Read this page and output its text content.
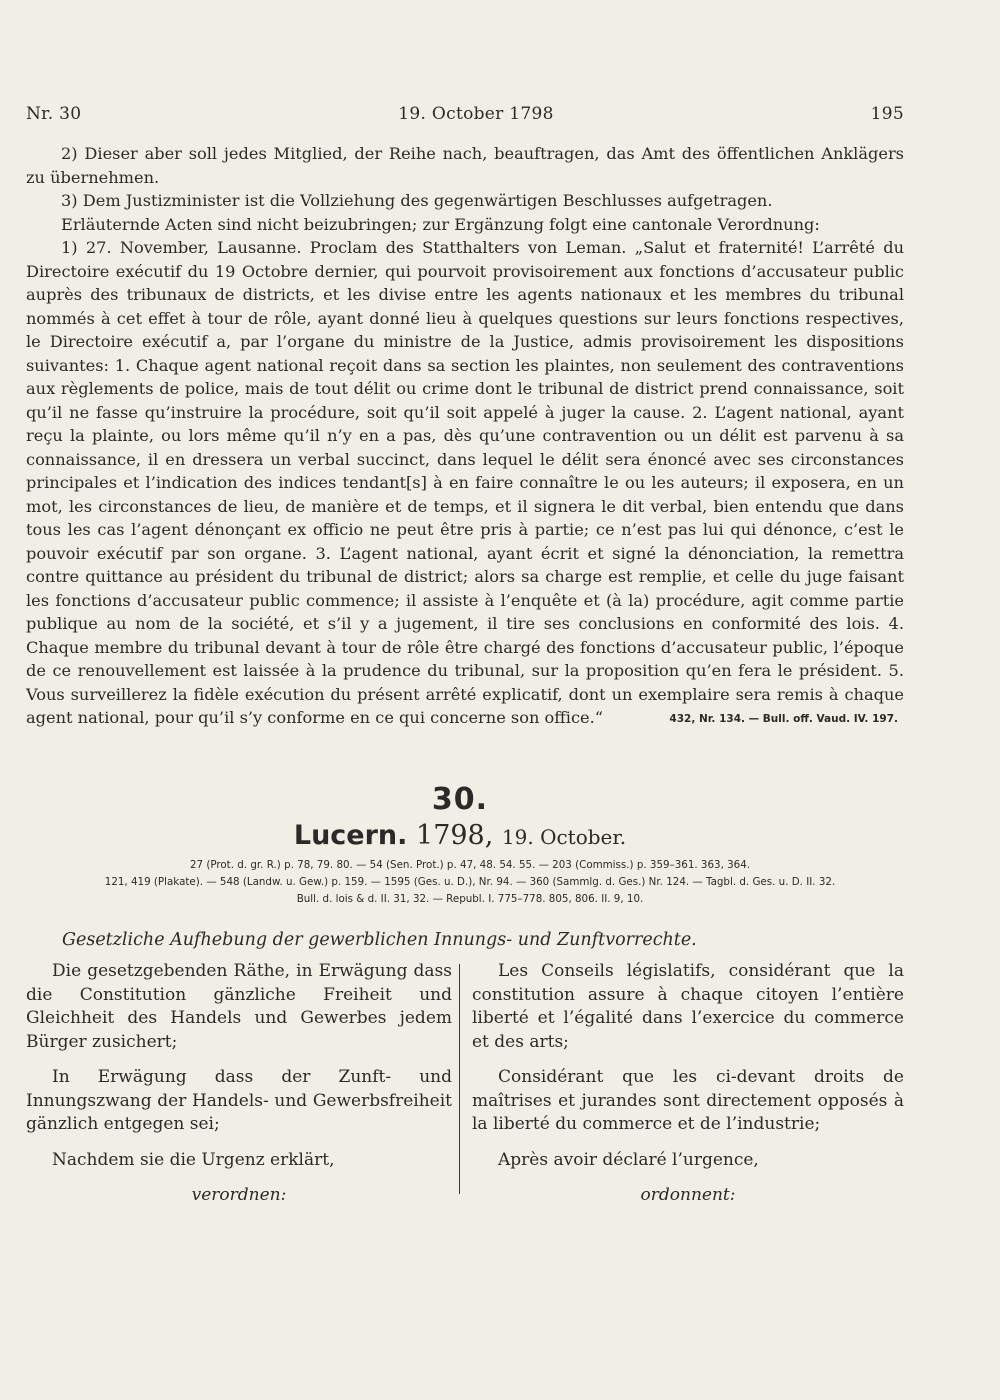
Nr. 30	19. October 1798	195

2) Dieser aber soll jedes Mitglied, der Reihe nach, beauftragen, das Amt des öffentlichen Anklägers zu übernehmen.

3) Dem Justizminister ist die Vollziehung des gegenwärtigen Beschlusses aufgetragen.

Erläuternde Acten sind nicht beizubringen; zur Ergänzung folgt eine cantonale Verordnung:

1) 27. November, Lausanne. Proclam des Statthalters von Leman. „Salut et fraternité! L’arrêté du Directoire exécutif du 19 Octobre dernier, qui pourvoit provisoirement aux fonctions d’accusateur public auprès des tribunaux de districts, et les divise entre les agents nationaux et les membres du tribunal nommés à cet effet à tour de rôle, ayant donné lieu à quelques questions sur leurs fonctions respectives, le Directoire exécutif a, par l’organe du ministre de la Justice, admis provisoirement les dispositions suivantes: 1. Chaque agent national reçoit dans sa section les plaintes, non seulement des contraventions aux règlements de police, mais de tout délit ou crime dont le tribunal de district prend connaissance, soit qu’il ne fasse qu’instruire la procédure, soit qu’il soit appelé à juger la cause. 2. L’agent national, ayant reçu la plainte, ou lors même qu’il n’y en a pas, dès qu’une contravention ou un délit est parvenu à sa connaissance, il en dressera un verbal succinct, dans lequel le délit sera énoncé avec ses circonstances principales et l’indication des indices tendant[s] à en faire connaître le ou les auteurs; il exposera, en un mot, les circonstances de lieu, de manière et de temps, et il signera le dit verbal, bien entendu que dans tous les cas l’agent dénonçant ex officio ne peut être pris à partie; ce n’est pas lui qui dénonce, c’est le pouvoir exécutif par son organe. 3. L’agent national, ayant écrit et signé la dénonciation, la remettra contre quittance au président du tribunal de district; alors sa charge est remplie, et celle du juge faisant les fonctions d’accusateur public commence; il assiste à l’enquête et (à la) procédure, agit comme partie publique au nom de la société, et s’il y a jugement, il tire ses conclusions en conformité des lois. 4. Chaque membre du tribunal devant à tour de rôle être chargé des fonctions d’accusateur public, l’époque de ce renouvellement est laissée à la prudence du tribunal, sur la proposition qu’en fera le président. 5. Vous surveillerez la fidèle exécution du présent arrêté explicatif, dont un exemplaire sera remis à chaque agent national, pour qu’il s’y conforme en ce qui concerne son office.“	432, Nr. 134. — Bull. off. Vaud. IV. 197.
30.
Lucern. 1798, 19. October.
27 (Prot. d. gr. R.) p. 78, 79. 80. — 54 (Sen. Prot.) p. 47, 48. 54. 55. — 203 (Commiss.) p. 359–361. 363, 364.
121, 419 (Plakate). — 548 (Landw. u. Gew.) p. 159. — 1595 (Ges. u. D.), Nr. 94. — 360 (Sammlg. d. Ges.) Nr. 124. — Tagbl. d. Ges. u. D. II. 32.
Bull. d. lois & d. II. 31, 32. — Republ. I. 775–778. 805, 806. II. 9, 10.
Gesetzliche Aufhebung der gewerblichen Innungs- und Zunftvorrechte.

Die gesetzgebenden Räthe, in Erwägung dass die Constitution gänzliche Freiheit und Gleichheit des Handels und Gewerbes jedem Bürger zusichert;

In Erwägung dass der Zunft- und Innungszwang der Handels- und Gewerbsfreiheit gänzlich entgegen sei;

Nachdem sie die Urgenz erklärt,

verordnen:

Les Conseils législatifs, considérant que la constitution assure à chaque citoyen l’entière liberté et l’égalité dans l’exercice du commerce et des arts;

Considérant que les ci-devant droits de maîtrises et jurandes sont directement opposés à la liberté du commerce et de l’industrie;

Après avoir déclaré l’urgence,

ordonnent:
